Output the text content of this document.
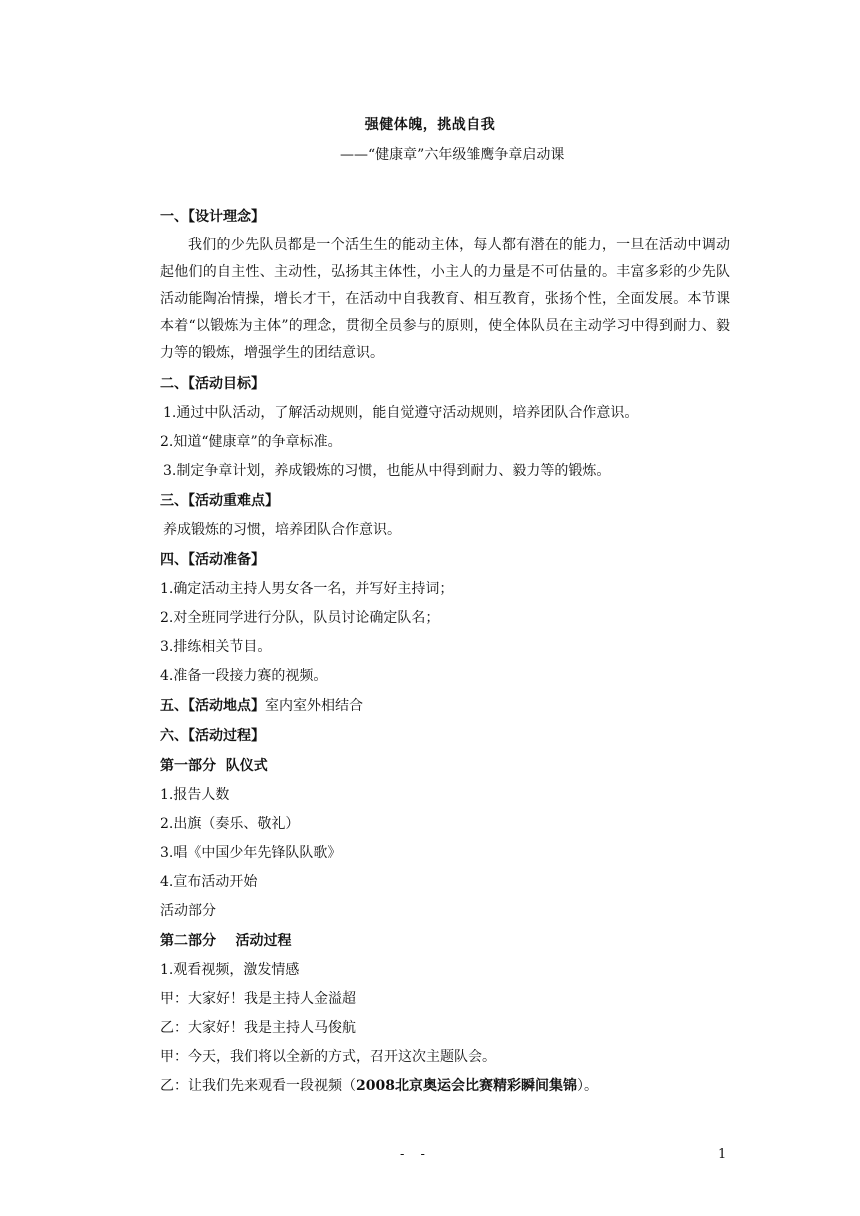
强健体魄，挑战自我
——“健康章”六年级雏鹰争章启动课
一、【设计理念】

我们的少先队员都是一个活生生的能动主体，每人都有潜在的能力，一旦在活动中调动起他们的自主性、主动性，弘扬其主体性，小主人的力量是不可估量的。丰富多彩的少先队活动能陶冶情操，增长才干，在活动中自我教育、相互教育，张扬个性，全面发展。本节课本着“以锻炼为主体”的理念，贯彻全员参与的原则，使全体队员在主动学习中得到耐力、毅力等的锻炼，增强学生的团结意识。

二、【活动目标】
1.通过中队活动，了解活动规则，能自觉遵守活动规则，培养团队合作意识。
2.知道“健康章”的争章标准。
3.制定争章计划，养成锻炼的习惯，也能从中得到耐力、毅力等的锻炼。
三、【活动重难点】
养成锻炼的习惯，培养团队合作意识。
四、【活动准备】
1.确定活动主持人男女各一名，并写好主持词；
2.对全班同学进行分队，队员讨论确定队名；
3.排练相关节目。
4.准备一段接力赛的视频。
五、【活动地点】室内室外相结合
六、【活动过程】
第一部分  队仪式
1.报告人数
2.出旗（奏乐、敬礼）
3.唱《中国少年先锋队队歌》
4.宣布活动开始
活动部分
第二部分    活动过程
1.观看视频，激发情感
甲：大家好！我是主持人金溢超
乙：大家好！我是主持人马俊航
甲：今天，我们将以全新的方式，召开这次主题队会。
乙：让我们先来观看一段视频（2008北京奥运会比赛精彩瞬间集锦）。
- -	1
